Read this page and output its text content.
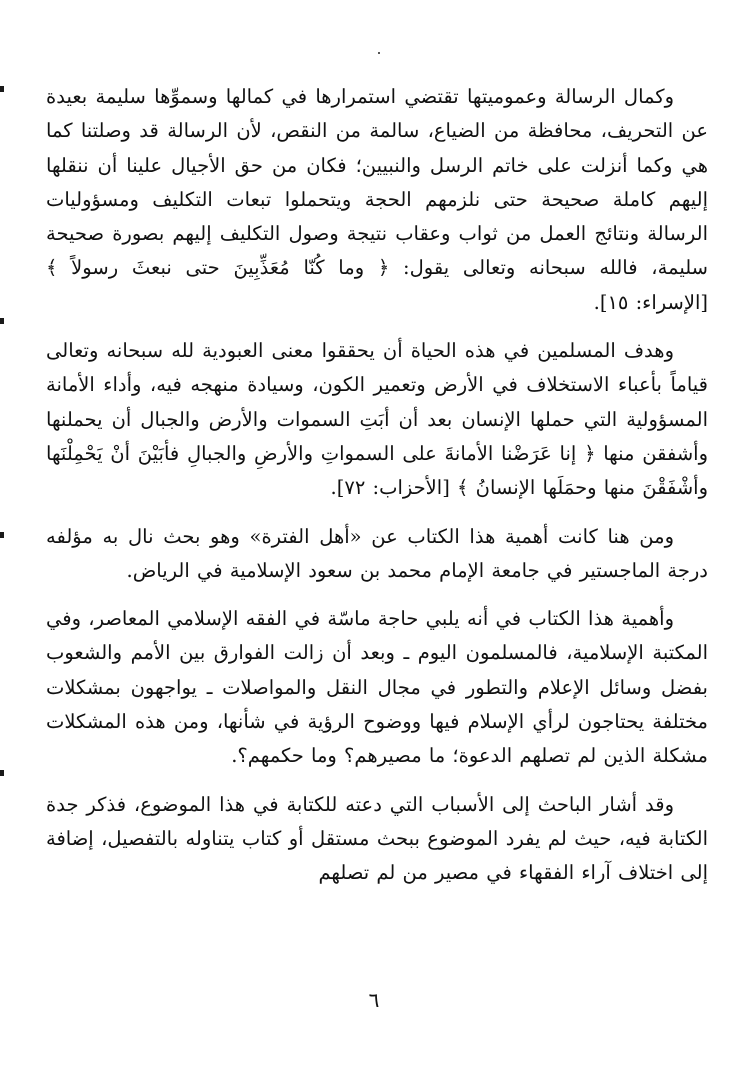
وكمال الرسالة وعموميتها تقتضي استمرارها في كمالها وسموِّها سليمة بعيدة عن التحريف، محافظة من الضياع، سالمة من النقص، لأن الرسالة قد وصلتنا كما هي وكما أنزلت على خاتم الرسل والنبيين؛ فكان من حق الأجيال علينا أن ننقلها إليهم كاملة صحيحة حتى نلزمهم الحجة ويتحملوا تبعات التكليف ومسؤوليات الرسالة ونتائج العمل من ثواب وعقاب نتيجة وصول التكليف إليهم بصورة صحيحة سليمة، فالله سبحانه وتعالى يقول: ﴿ وما كُنّا مُعَذِّبِينَ حتى نبعثَ رسولاً ﴾ [الإسراء: ١٥].

وهدف المسلمين في هذه الحياة أن يحققوا معنى العبودية لله سبحانه وتعالى قياماً بأعباء الاستخلاف في الأرض وتعمير الكون، وسيادة منهجه فيه، وأداء الأمانة المسؤولية التي حملها الإنسان بعد أن أبَتِ السموات والأرض والجبال أن يحملنها وأشفقن منها ﴿ إنا عَرَضْنا الأمانةَ على السمواتِ والأرضِ والجبالِ فأبَيْنَ أنْ يَحْمِلْنَها وأشْفَقْنَ منها وحمَلَها الإنسانُ ﴾ [الأحزاب: ٧٢].

ومن هنا كانت أهمية هذا الكتاب عن «أهل الفترة» وهو بحث نال به مؤلفه درجة الماجستير في جامعة الإمام محمد بن سعود الإسلامية في الرياض.

وأهمية هذا الكتاب في أنه يلبي حاجة ماسّة في الفقه الإسلامي المعاصر، وفي المكتبة الإسلامية، فالمسلمون اليوم ـ وبعد أن زالت الفوارق بين الأمم والشعوب بفضل وسائل الإعلام والتطور في مجال النقل والمواصلات ـ يواجهون بمشكلات مختلفة يحتاجون لرأي الإسلام فيها ووضوح الرؤية في شأنها، ومن هذه المشكلات مشكلة الذين لم تصلهم الدعوة؛ ما مصيرهم؟ وما حكمهم؟.

وقد أشار الباحث إلى الأسباب التي دعته للكتابة في هذا الموضوع، فذكر جدة الكتابة فيه، حيث لم يفرد الموضوع ببحث مستقل أو كتاب يتناوله بالتفصيل، إضافة إلى اختلاف آراء الفقهاء في مصير من لم تصلهم

٦
